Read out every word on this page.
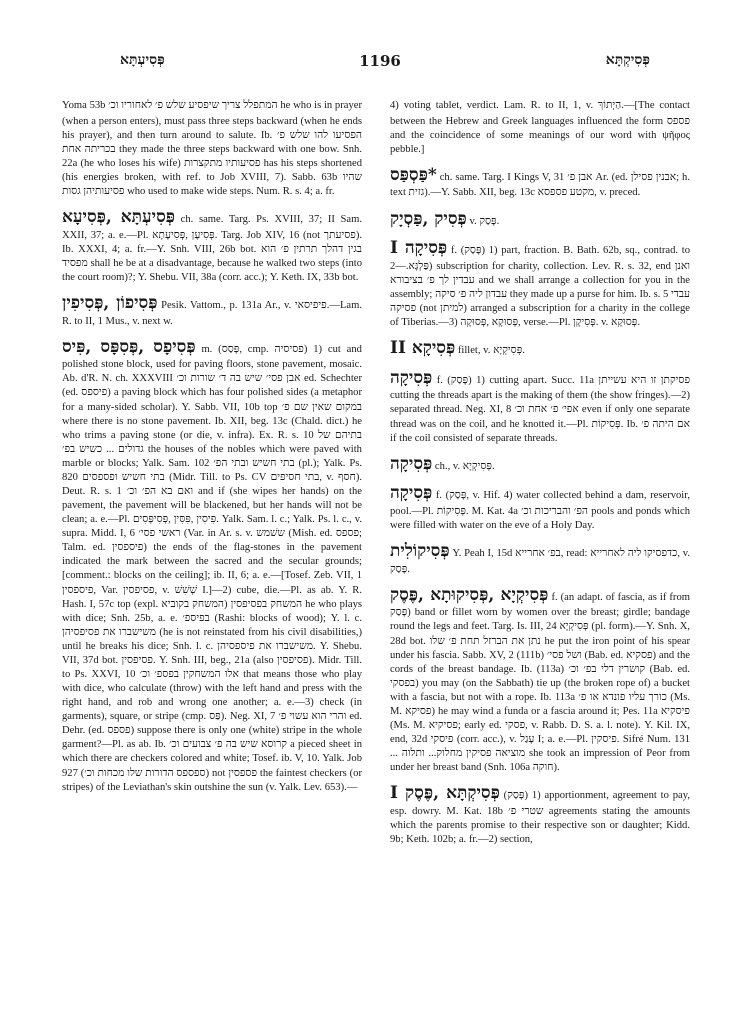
פְּסִיעְתָּא	1196	פְּסִיקְתָּא

Yoma 53b המתפלל צריך שיפסיע שלש פ׳ לאחוריו וכ׳ he who is in prayer (when a person enters), must pass three steps backward (when he ends his prayer), and then turn around to salute. Ib. הפסיעו להו שלש פ׳ בכריתה אחת they made the three steps backward with one bow. Snh. 22a (he who loses his wife) פסיעותיו מתקצרות has his steps shortened (his energies broken, with ref. to Job XVIII, 7). Sabb. 63b שהיו פסיעותיהן גסות who used to make wide steps. Num. R. s. 4; a. fr.

פְּסִיעְתָּא ,פְּסִיעָא ch. same. Targ. Ps. XVIII, 37; II Sam. XXII, 37; a. e.—Pl. פְּסִיעָן ,פְּסִיעָתָא. Targ. Job XIV, 16 (not פסיעתך). Ib. XXXI, 4; a. fr.—Y. Snh. VIII, 26b bot. בגין דהלך תרתין פ׳ הוא מפסיד shall he be at a disadvantage, because he walked two steps (into the court room)?; Y. Shebu. VII, 38a (corr. acc.); Y. Keth. IX, 33b bot.

פְּסִיפוֹן ,פְּסִיפִין Pesik. Vattom., p. 131a Ar., v. פיפיסאי.—Lam. R. to II, 1 Mus., v. next w.

פְּסִיפָס ,פְּסִפָּס ,פִּיס m. (פָּסַס, cmp. פסיסיה) 1) cut and polished stone block, used for paving floors, stone pavement, mosaic. Ab. d'R. N. ch. XXXVIII אבן פסי׳ שיש בה ד׳ שורות וכ׳ ed. Schechter (ed. פיספס) a paving block which has four polished sides (a metaphor for a many-sided scholar). Y. Sabb. VII, 10b top במקום שאין שם פ׳ where there is no stone pavement. Ib. XII, beg. 13c (Chald. dict.) he who trims a paving stone (or die, v. infra). Ex. R. s. 10 בתיהם של גדולים ... כשיש בפ׳ the houses of the nobles which were paved with marble or blocks; Yalk. Sam. 102 בתי חשיש ובתי הפ׳ (pl.); Yalk. Ps. 820 בתי חשיש ופספסים (Midr. Till. to Ps. CV בתי חסיפים, v. חסף). Deut. R. s. 1 ואם בא הפ׳ וכ׳ and if (she wipes her hands) on the pavement, the pavement will be blackened, but her hands will not be clean; a. e.—Pl. פִּיסִין ,פִּסִּין ,פְּסִיפְּסִים. Yalk. Sam. l. c.; Yalk. Ps. l. c., v. supra. Midd. I, 6 ראשי פסי׳ (Var. in Ar. s. v. ששׁמש (Mish. ed. פספס; Talm. ed. פיספסין) the ends of the flag-stones in the pavement indicated the mark between the sacred and the secular grounds; [comment.: blocks on the ceiling]; ib. II, 6; a. e.—[Tosef. Zeb. VII, 1 פיספסין, Var. פסיפסין, v. שְׁשִׁשׁ I.]—2) cube, die.—Pl. as ab. Y. R. Hash. I, 57c top (expl. המשחק בקוביא) המשחק בפסיפסין he who plays with dice; Snh. 25b, a. e. בפיספ׳ (Rashi: blocks of wood); Y. l. c. משישברו את פסיפסיהן (he is not reinstated from his civil disabilities,) until he breaks his dice; Snh. l. c. משישברו את פיספסיהן. Y. Shebu. VII, 37d bot. פסיפסין. Y. Snh. III, beg., 21a (also פסיפסין). Midr. Till. to Ps. XXVI, 10 אלו המשחקין בפספ׳ וכ׳ that means those who play with dice, who calculate (throw) with the left hand and press with the right hand, and rob and wrong one another; a. e.—3) check (in garments), square, or stripe (cmp. פַּס). Neg. XI, 7 והרי הוא עשוי פ׳ ed. Dehr. (ed. פספס) suppose there is only one (white) stripe in the whole garment?—Pl. as ab. Ib. קרוסא שיש בה פ׳ צבועים וכ׳ a pieced sheet in which there are checkers colored and white; Tosef. ib. V, 10. Yalk. Job 927 (ספספס הדורות שלו מכחות וכ׳) not פספסין the faintest checkers (or stripes) of the Leviathan's skin outshine the sun (v. Yalk. Lev. 653).—

4) voting tablet, verdict. Lam. R. to II, 1, v. הַיְתוֹךְ.—[The contact between the Hebrew and Greek languages influenced the form פספס and the coincidence of some meanings of our word with ψῆφος pebble.]

*פַּסְפַּס ch. same. Targ. I Kings V, 31 אבן פ׳ Ar. (ed. אבנין פסילן; h. text גזית).—Y. Sabb. XII, beg. 13c מקטע פספסא, v. preced.

פְּסִיק ,פַּסְיָק v. פָּסַק.

פְּסִיקָה I f. (פָּסַק) 1) part, fraction. B. Bath. 62b, sq., contrad. to פַּלְגָּא.—2) subscription for charity, collection. Lev. R. s. 32, end ואנן עבדין לך פ׳ בציבורא and we shall arrange a collection for you in the assembly; עבדון ליה פ׳ סיקה they made up a purse for him. Ib. s. 5 עבדי פסיקה (not למיתן) arranged a subscription for a charity in the college of Tiberias.—3) פְּסוּקָא ,פְּסוּקָה, verse.—Pl. פְּסִיקָן. v. פְּסוּקָא.

פְּסִיקָא II fillet, v. פְּסִיקְיָא.

פְּסִיקָה f. (פָּסַק) 1) cutting apart. Succ. 11a פסיקתן זו היא עשייתן cutting the threads apart is the making of them (the show fringes).—2) separated thread. Neg. XI, 8 אפי׳ פ׳ אחת וכ׳ even if only one separate thread was on the coil, and he knotted it.—Pl. פְּסִיקוֹת. Ib. אם היתה פ׳ if the coil consisted of separate threads.

פְּסִיקָה ch., v. פְּסִיקְיָא.

פְּסִיקָה f. (פָּסַק, v. Hif. 4) water collected behind a dam, reservoir, pool.—Pl. פְּסִיקוֹת. M. Kat. 4a הפ׳ והבריכות וכ׳ pools and ponds which were filled with water on the eve of a Holy Day.

פְּסִיקוֹלִית Y. Peah I, 15d בפ׳ אחרייא, read: כדפסיקו ליה לאחרייא, v. פָּסַק.

פְּסִיקְיָא ,פְּסִיקוּתָא ,פֶּסֶק f. (an adapt. of fascia, as if from פָּסַק) band or fillet worn by women over the breast; girdle; bandage round the legs and feet. Targ. Is. III, 24 פְּסִיקְיָא (pl. form).—Y. Snh. X, 28d bot. נתן את הברזל תחת פ׳ שלו he put the iron point of his spear under his fascia. Sabb. XV, 2 (111b) ושל פסי׳ (Bab. ed. פסקיא) and the cords of the breast bandage. Ib. (113a) קושרין דלי בפ׳ וכ׳ (Bab. ed. בפסקי) you may (on the Sabbath) tie up (the broken rope of) a bucket with a fascia, but not with a rope. Ib. 113a כורך עליו פונדא או פ׳ (Ms. M. פסיקא) he may wind a funda or a fascia around it; Pes. 11a פיסקיא (Ms. M. פסיקיא; early ed. פסקי, v. Rabb. D. S. a. l. note). Y. Kil. IX, end, 32d פיסקי (corr. acc.), v. עָגַל I; a. e.—Pl. פיסקין. Sifré Num. 131 ... מוציאה פסיקין מחלוק... ותלוה she took an impression of Peor from under her breast band (Snh. 106a חוקה).

פְּסִיקְתָּא ,פֶּסֶק I (פָּסַק) 1) apportionment, agreement to pay, esp. dowry. M. Kat. 18b שטרי פ׳ agreements stating the amounts which the parents promise to their respective son or daughter; Kidd. 9b; Keth. 102b; a. fr.—2) section,
